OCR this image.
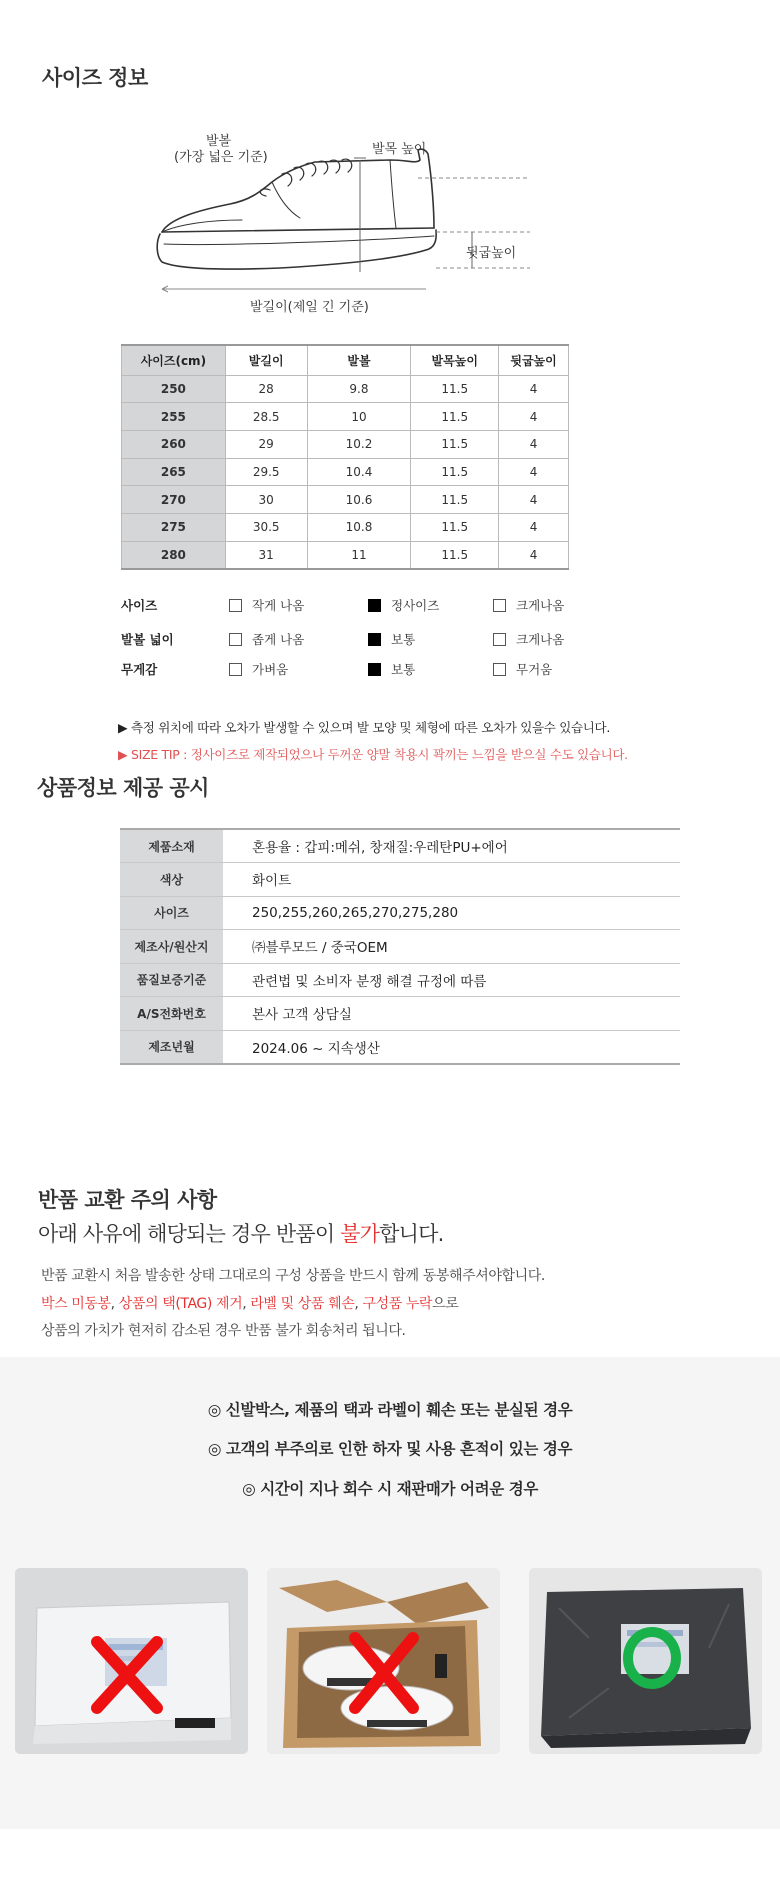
사이즈 정보
발볼
(가장 넓은 기준)
발목 높이
뒷굽높이
발길이(제일 긴 기준)
사이즈(cm)	발길이	발볼	발목높이	뒷굽높이
250	28	9.8	11.5	4
255	28.5	10	11.5	4
260	29	10.2	11.5	4
265	29.5	10.4	11.5	4
270	30	10.6	11.5	4
275	30.5	10.8	11.5	4
280	31	11	11.5	4
사이즈	작게 나옴	정사이즈	크게나옴
발볼 넓이	좁게 나옴	보통	크게나옴
무게감	가벼움	보통	무거움
▶ 측정 위치에 따라 오차가 발생할 수 있으며 발 모양 및 체형에 따른 오차가 있을수 있습니다.
▶ SIZE TIP : 정사이즈로 제작되었으나 두꺼운 양말 착용시 꽉끼는 느낌을 받으실 수도 있습니다.
상품정보 제공 공시
제품소재	혼용율 : 갑피:메쉬, 창재질:우레탄PU+에어
색상	화이트
사이즈	250,255,260,265,270,275,280
제조사/원산지	㈜블루모드 / 중국OEM
품질보증기준	관련법 및 소비자 분쟁 해결 규정에 따름
A/S전화번호	본사 고객 상담실
제조년월	2024.06 ~ 지속생산
반품 교환 주의 사항
아래 사유에 해당되는 경우 반품이 불가합니다.
반품 교환시 처음 발송한 상태 그대로의 구성 상품을 반드시 함께 동봉해주셔야합니다.
박스 미동봉, 상품의 택(TAG) 제거, 라벨 및 상품 훼손, 구성품 누락으로
상품의 가치가 현저히 감소된 경우 반품 불가 회송처리 됩니다.
◎ 신발박스, 제품의 택과 라벨이 훼손 또는 분실된 경우
◎ 고객의 부주의로 인한 하자 및 사용 흔적이 있는 경우
◎ 시간이 지나 회수 시 재판매가 어려운 경우
